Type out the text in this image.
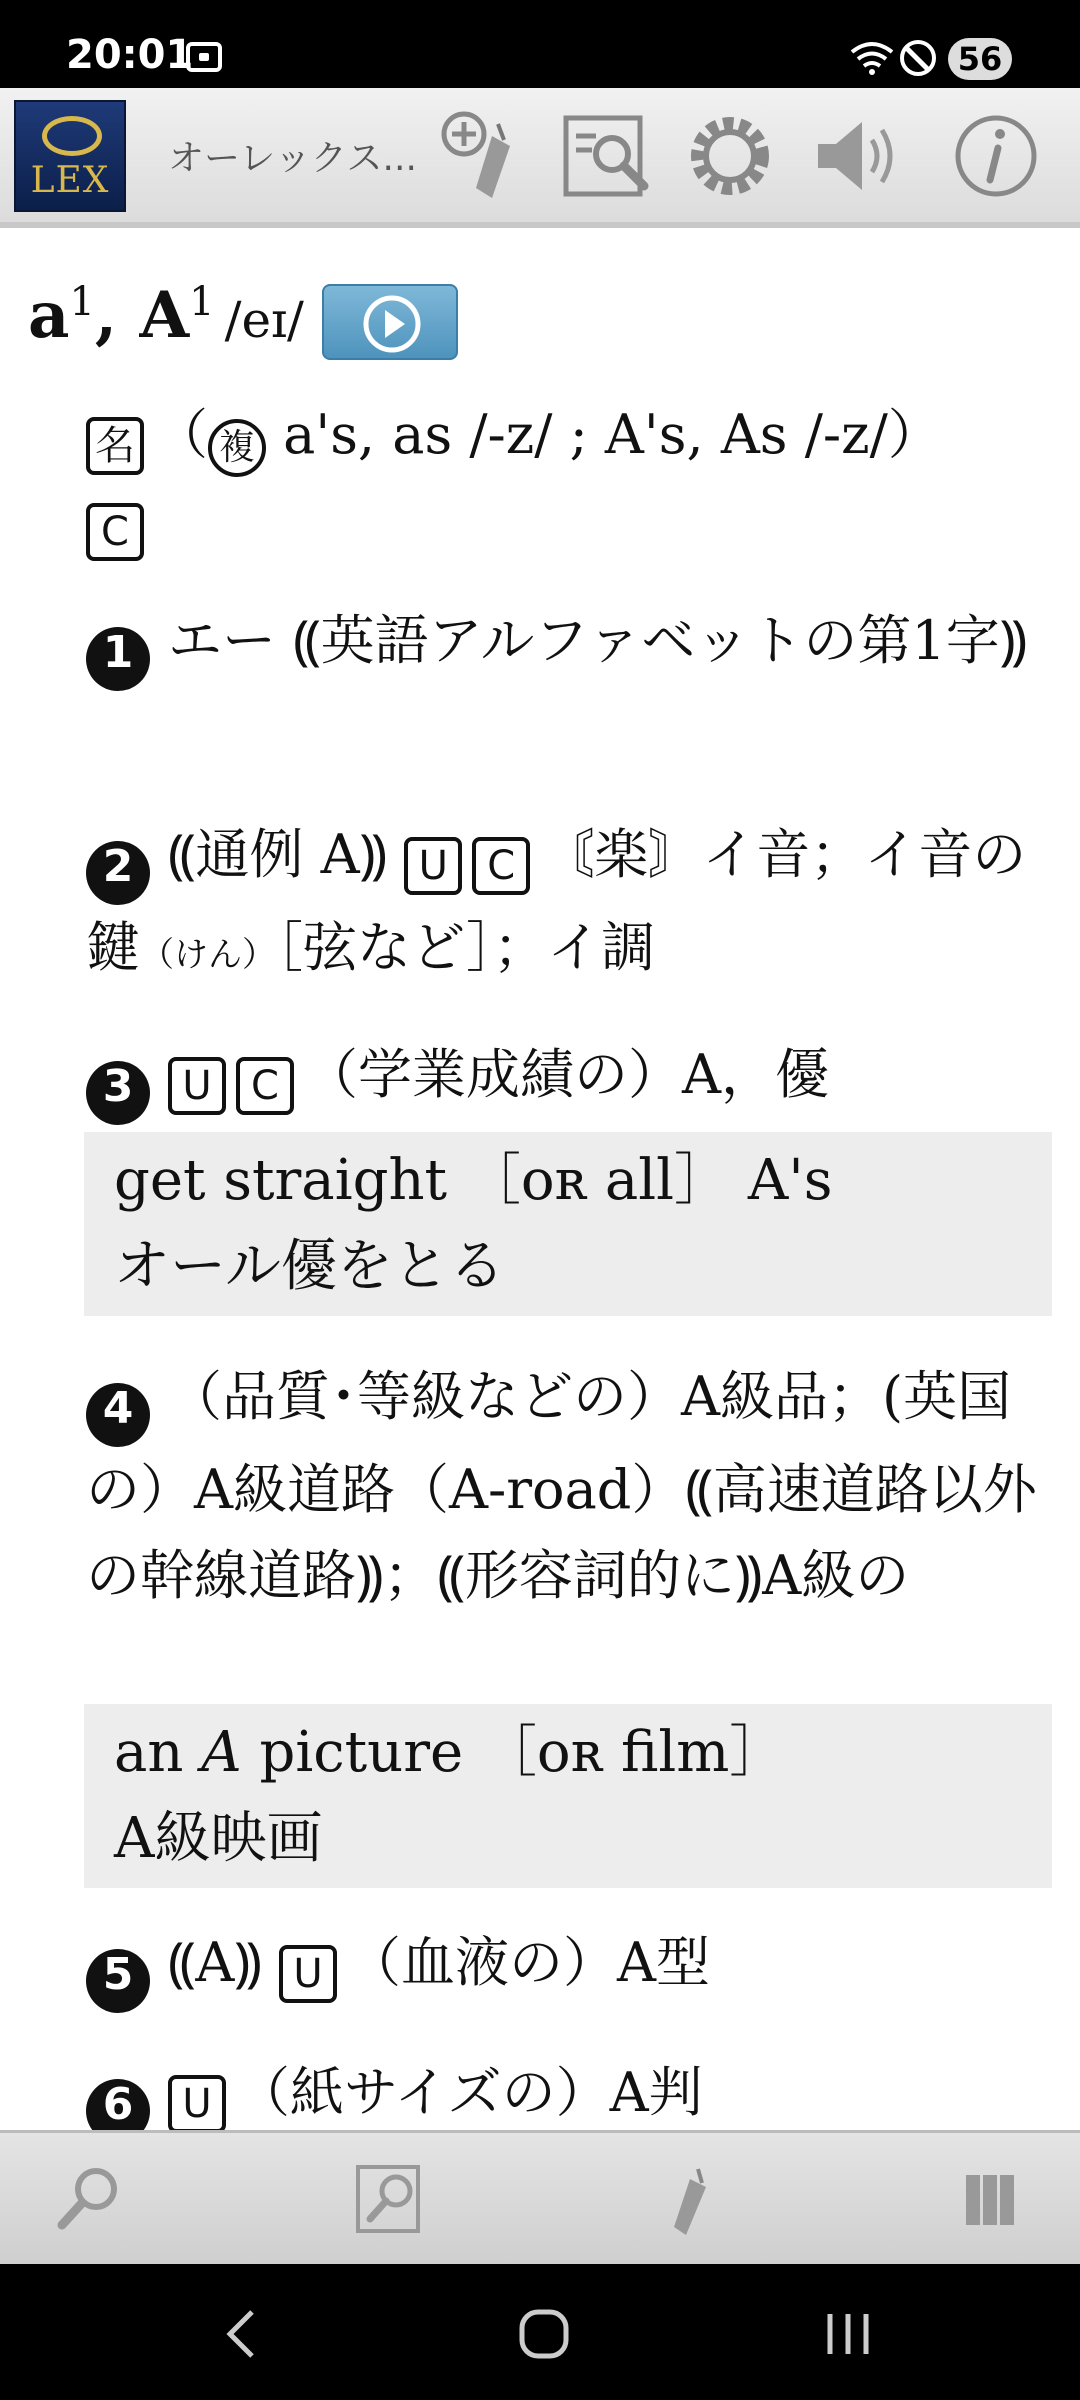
20:01	56
LEX
オーレックス...
$a^1$, $A^1$ /eɪ/
名 （ 複 a's, as /-z/ ; A's, As /-z/）
C
1 エー ⸨英語アルファベットの第1字⸩
2 ⸨通例 A⸩ U C 〘楽〙イ音；イ音の鍵（けん）［弦など］；イ調
3 U C （学業成績の）A，優
get straight ［ᴏʀ all］ A's
オール優をとる
4 （品質･等級などの）A級品；(英国の）A級道路（A-road）⸨高速道路以外の幹線道路⸩；⸨形容詞的に⸩A級の
an A picture ［ᴏʀ film］
A級映画
5 ⸨A⸩ U （血液の）A型
6 U （紙サイズの）A判
